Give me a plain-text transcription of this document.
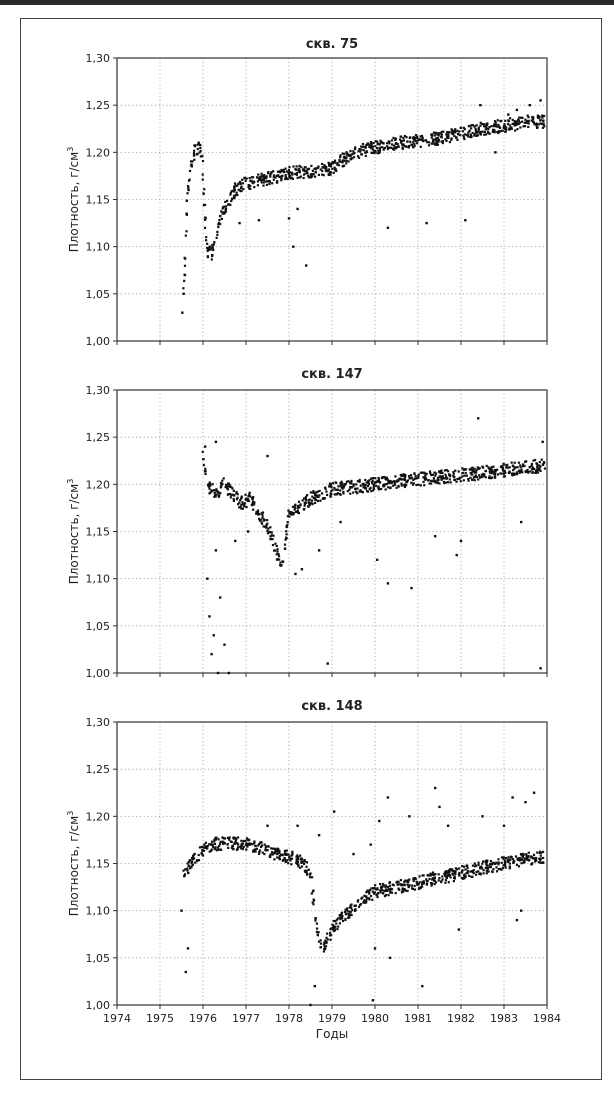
1,00
1,05
1,10
1,15
1,20
1,25
1,30
скв. 75
Плотность, $г/см^3$
1,00
1,05
1,10
1,15
1,20
1,25
1,30
скв. 147
Плотность, $г/см^3$
1,00
1,05
1,10
1,15
1,20
1,25
1,30
1974 1975 1976 1977 1978 1979 1980 1981 1982 1983 1984
Годы
скв. 148
Плотность, $г/см^3$
